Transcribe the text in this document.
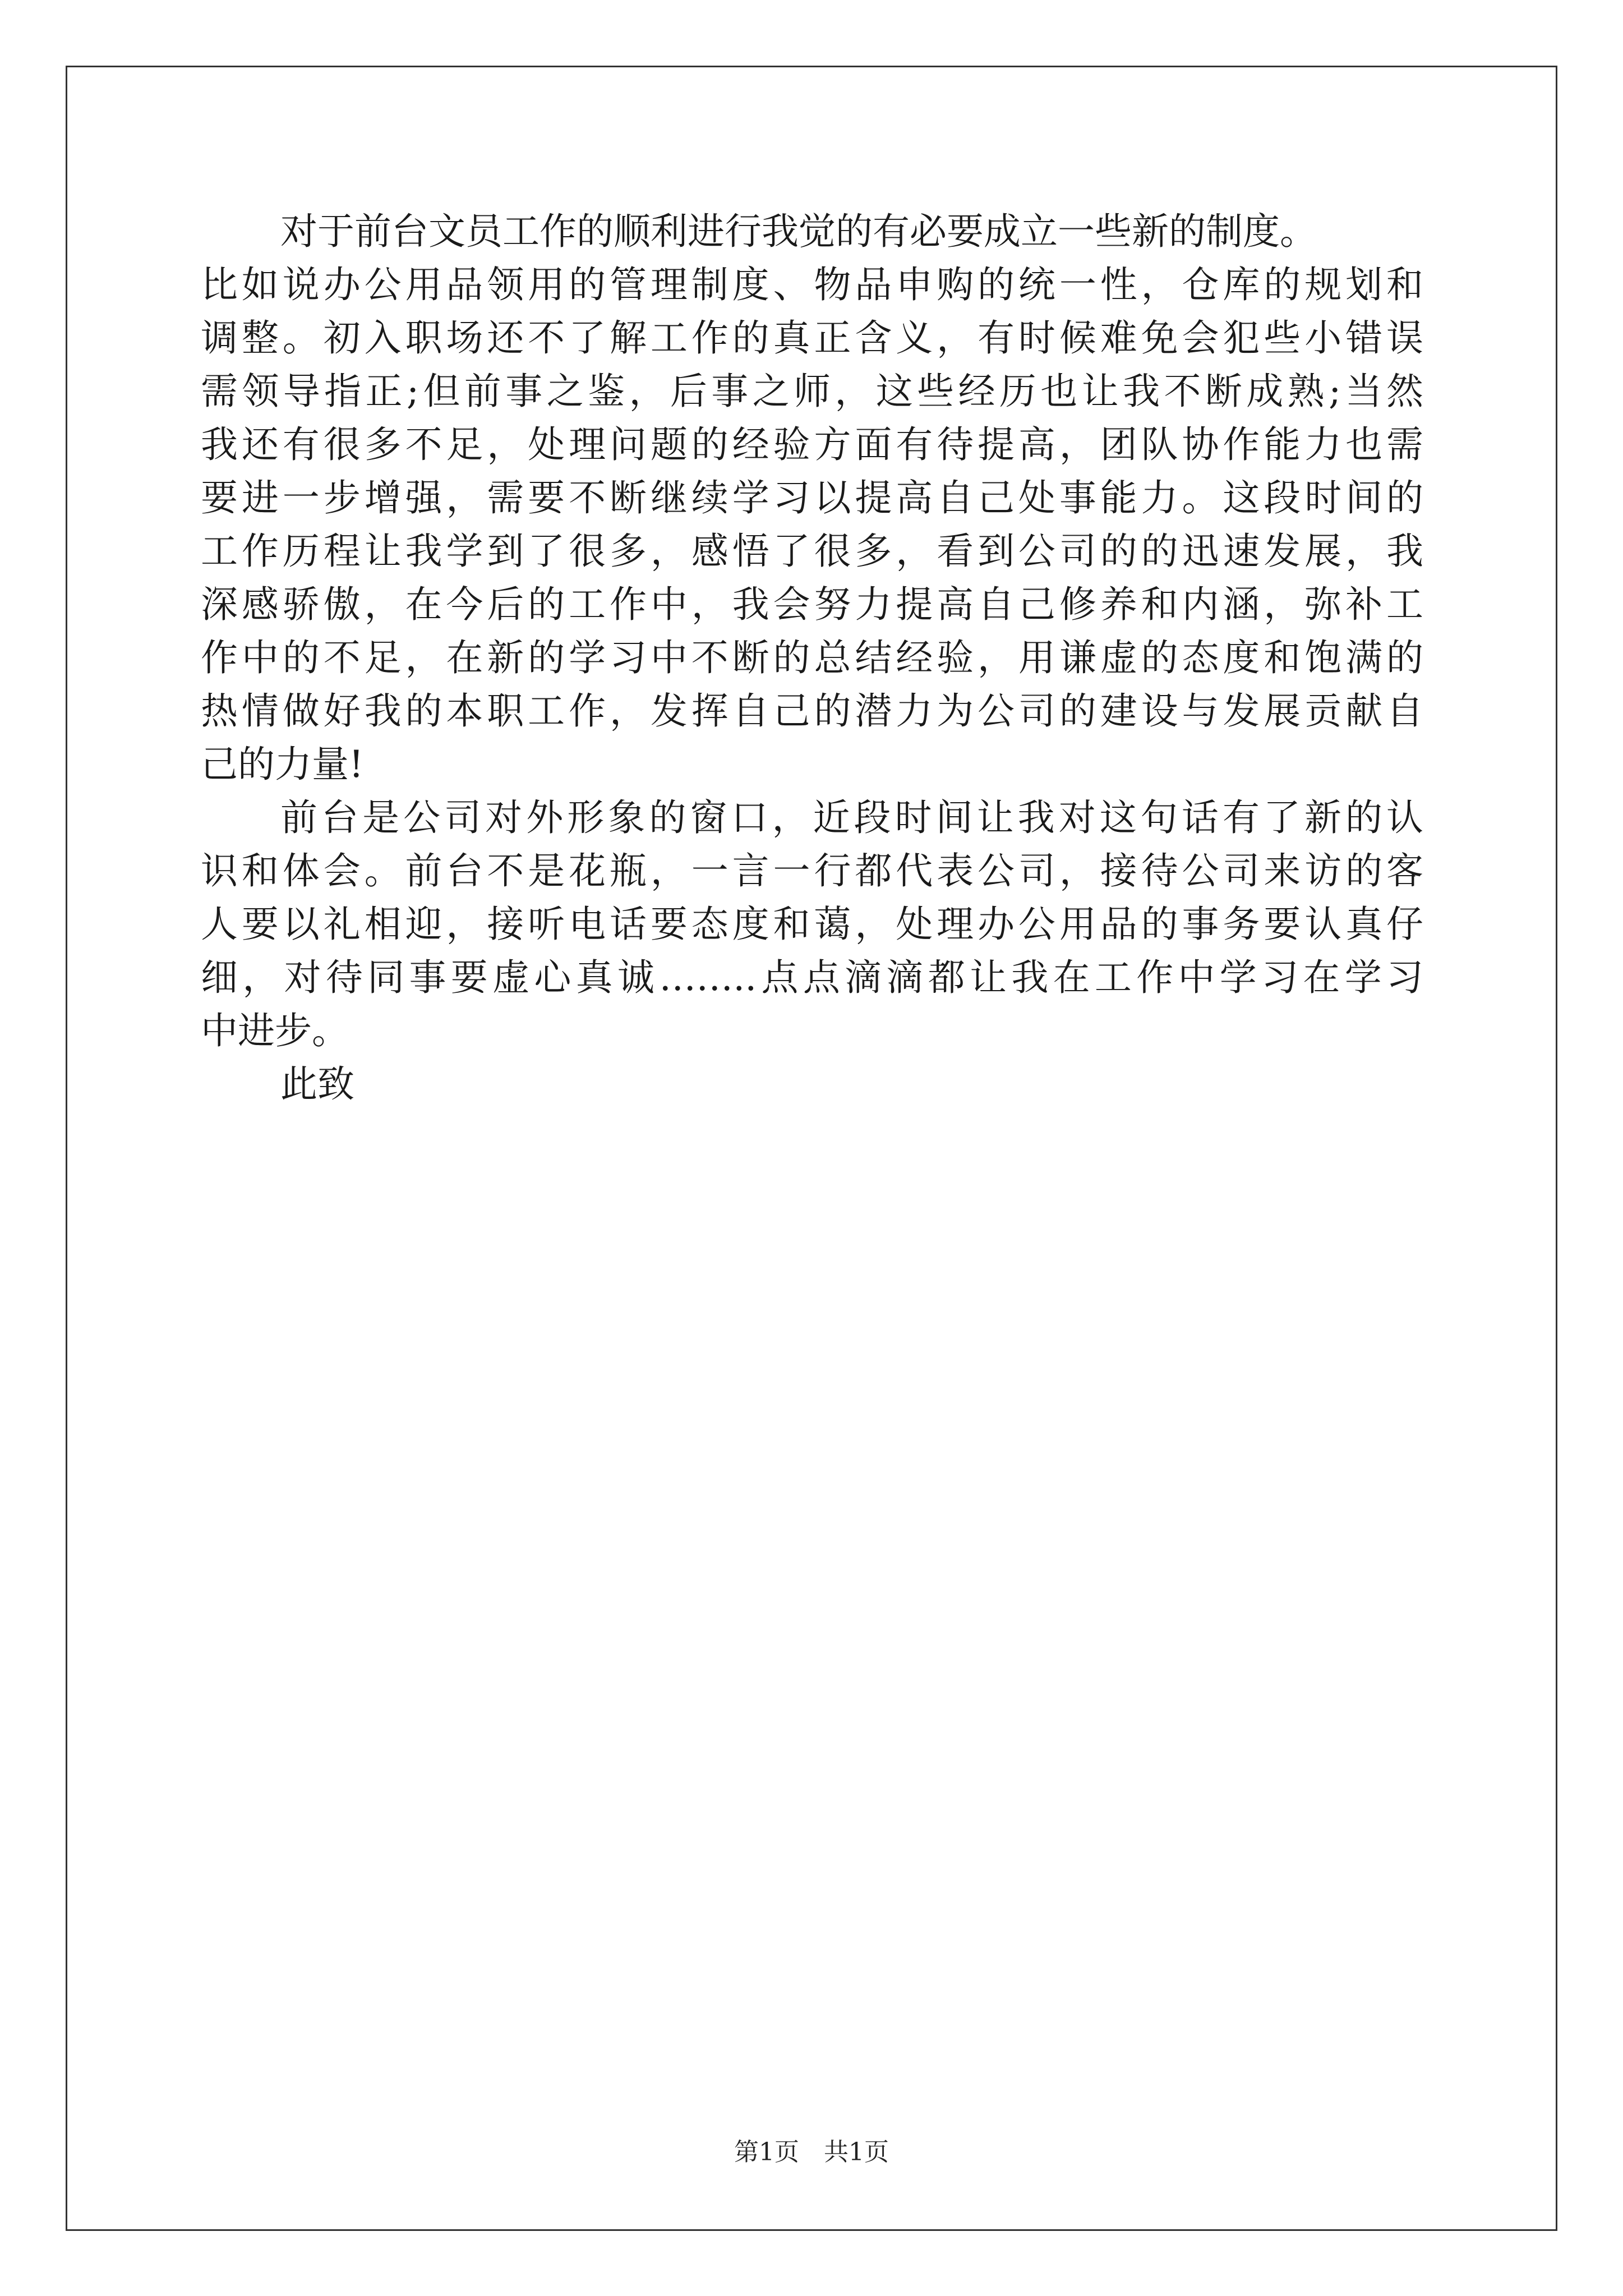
对于前台文员工作的顺利进行我觉的有必要成立一些新的制度。
比如说办公用品领用的管理制度、物品申购的统一性，仓库的规划和
调整。初入职场还不了解工作的真正含义，有时候难免会犯些小错误
需领导指正;但前事之鉴，后事之师，这些经历也让我不断成熟;当然
我还有很多不足，处理问题的经验方面有待提高，团队协作能力也需
要进一步增强，需要不断继续学习以提高自己处事能力。这段时间的
工作历程让我学到了很多，感悟了很多，看到公司的的迅速发展，我
深感骄傲，在今后的工作中，我会努力提高自己修养和内涵，弥补工
作中的不足，在新的学习中不断的总结经验，用谦虚的态度和饱满的
热情做好我的本职工作，发挥自己的潜力为公司的建设与发展贡献自
己的力量!
前台是公司对外形象的窗口，近段时间让我对这句话有了新的认
识和体会。前台不是花瓶，一言一行都代表公司，接待公司来访的客
人要以礼相迎，接听电话要态度和蔼，处理办公用品的事务要认真仔
细，对待同事要虚心真诚……..点点滴滴都让我在工作中学习在学习
中进步。
此致
第1页　共1页
